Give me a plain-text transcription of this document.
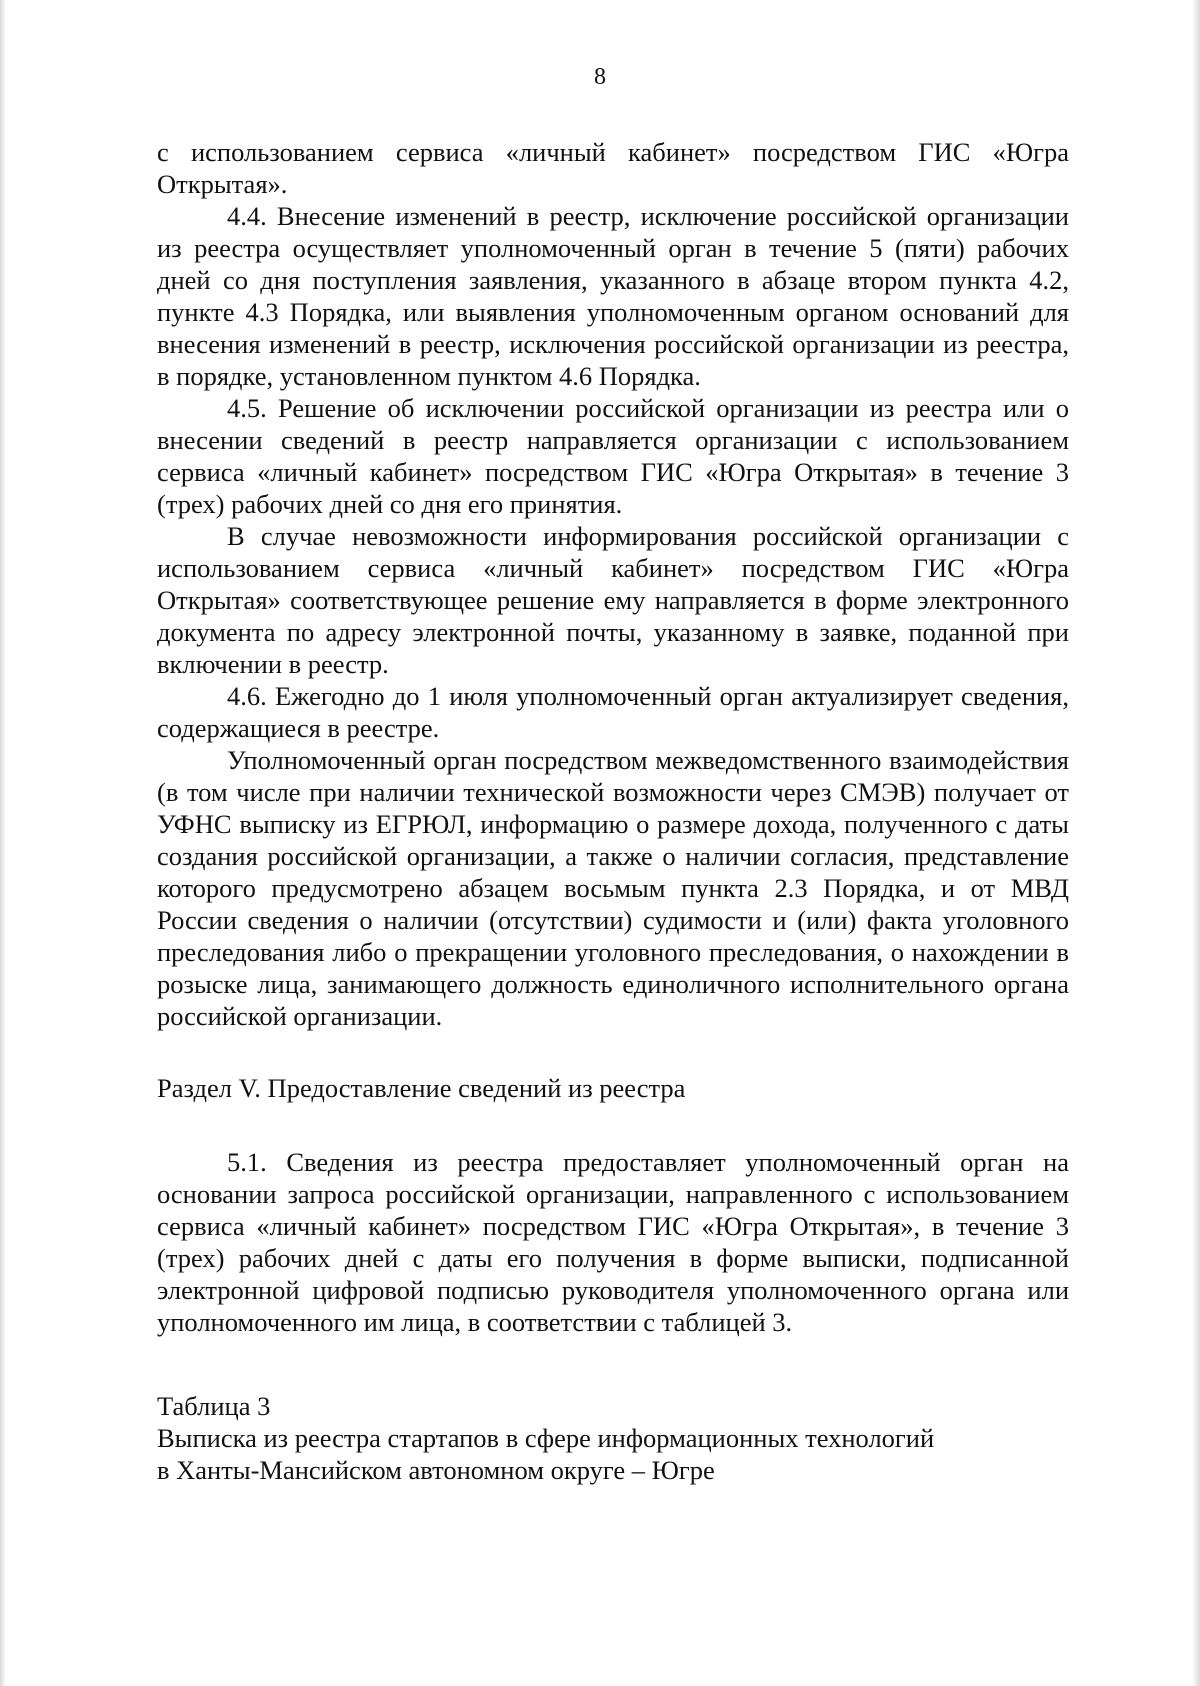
8

с использованием сервиса «личный кабинет» посредством ГИС «Югра Открытая».

4.4. Внесение изменений в реестр, исключение российской организации из реестра осуществляет уполномоченный орган в течение 5 (пяти) рабочих дней со дня поступления заявления, указанного в абзаце втором пункта 4.2, пункте 4.3 Порядка, или выявления уполномоченным органом оснований для внесения изменений в реестр, исключения российской организации из реестра, в порядке, установленном пунктом 4.6 Порядка.

4.5. Решение об исключении российской организации из реестра или о внесении сведений в реестр направляется организации с использованием сервиса «личный кабинет» посредством ГИС «Югра Открытая» в течение 3 (трех) рабочих дней со дня его принятия.

В случае невозможности информирования российской организации с использованием сервиса «личный кабинет» посредством ГИС «Югра Открытая» соответствующее решение ему направляется в форме электронного документа по адресу электронной почты, указанному в заявке, поданной при включении в реестр.

4.6. Ежегодно до 1 июля уполномоченный орган актуализирует сведения, содержащиеся в реестре.

Уполномоченный орган посредством межведомственного взаимодействия (в том числе при наличии технической возможности через СМЭВ) получает от УФНС выписку из ЕГРЮЛ, информацию о размере дохода, полученного с даты создания российской организации, а также о наличии согласия, представление которого предусмотрено абзацем восьмым пункта 2.3 Порядка, и от МВД России сведения о наличии (отсутствии) судимости и (или) факта уголовного преследования либо о прекращении уголовного преследования, о нахождении в розыске лица, занимающего должность единоличного исполнительного органа российской организации.

Раздел V. Предоставление сведений из реестра

5.1. Сведения из реестра предоставляет уполномоченный орган на основании запроса российской организации, направленного с использованием сервиса «личный кабинет» посредством ГИС «Югра Открытая», в течение 3 (трех) рабочих дней с даты его получения в форме выписки, подписанной электронной цифровой подписью руководителя уполномоченного органа или уполномоченного им лица, в соответствии с таблицей 3.

Таблица 3

Выписка из реестра стартапов в сфере информационных технологий

в Ханты-Мансийском автономном округе – Югре
